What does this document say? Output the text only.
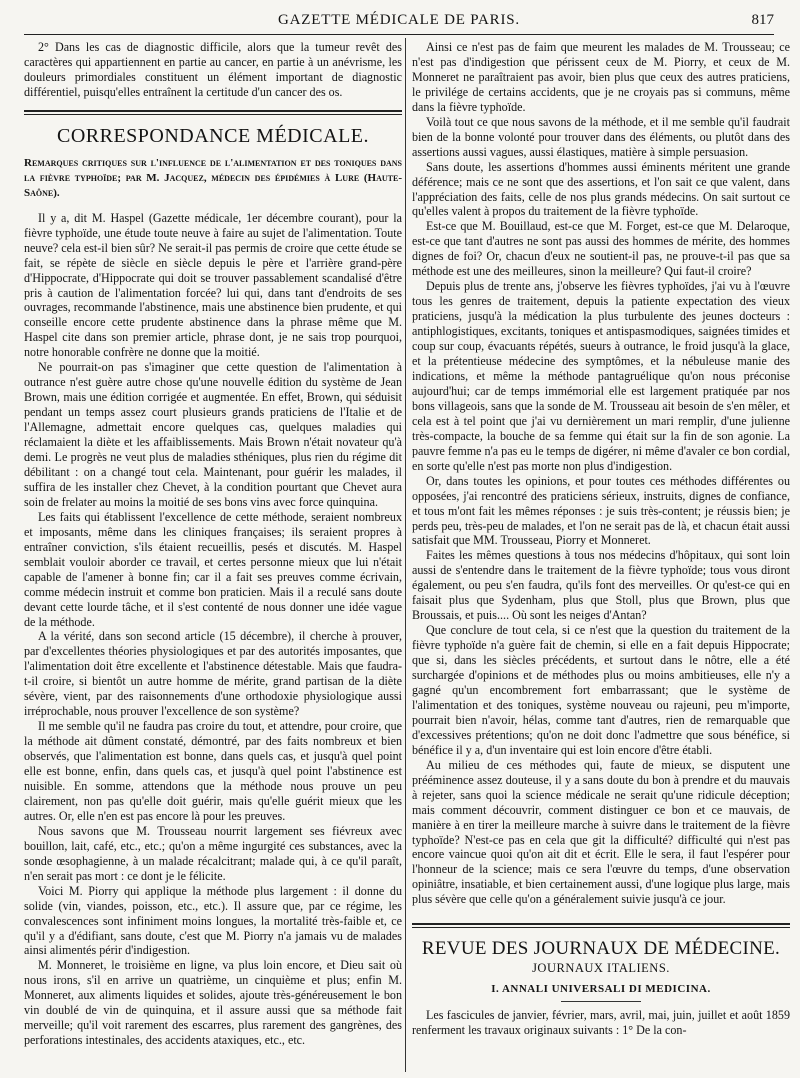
GAZETTE MÉDICALE DE PARIS.	817

2° Dans les cas de diagnostic difficile, alors que la tumeur revêt des caractères qui appartiennent en partie au cancer, en partie à un anévrisme, les douleurs primordiales constituent un élément important de diagnostic différentiel, puisqu'elles entraînent la certitude d'un cancer des os.

CORRESPONDANCE MÉDICALE.
Remarques critiques sur l'influence de l'alimentation et des toniques dans la fièvre typhoïde; par M. Jacquez, médecin des épidémies à Lure (Haute-Saône).

Il y a, dit M. Haspel (Gazette médicale, 1er décembre courant), pour la fièvre typhoïde, une étude toute neuve à faire au sujet de l'alimentation. Toute neuve? cela est-il bien sûr? Ne serait-il pas permis de croire que cette étude se fait, se répète de siècle en siècle depuis le père et l'arrière grand-père d'Hippocrate, d'Hippocrate qui doit se trouver passablement scandalisé d'être pris à caution de l'alimentation forcée? lui qui, dans tant d'endroits de ses ouvrages, recommande l'abstinence, mais une abstinence bien prudente, et qui conseille encore cette prudente abstinence dans la phrase même que M. Haspel cite dans son premier article, phrase dont, je ne sais trop pourquoi, notre honorable confrère ne donne que la moitié.

Ne pourrait-on pas s'imaginer que cette question de l'alimentation à outrance n'est guère autre chose qu'une nouvelle édition du système de Jean Brown, mais une édition corrigée et augmentée. En effet, Brown, qui séduisit pendant un temps assez court plusieurs grands praticiens de l'Italie et de l'Allemagne, admettait encore quelques cas, quelques maladies qui réclamaient la diète et les affaiblissements. Mais Brown n'était novateur qu'à demi. Le progrès ne veut plus de maladies sthéniques, plus rien du régime dit débilitant : on a changé tout cela. Maintenant, pour guérir les malades, il suffira de les installer chez Chevet, à la condition pourtant que Chevet aura soin de frelater au moins la moitié de ses bons vins avec force quinquina.

Les faits qui établissent l'excellence de cette méthode, seraient nombreux et imposants, même dans les cliniques françaises; ils seraient propres à entraîner conviction, s'ils étaient recueillis, pesés et discutés. M. Haspel semblait vouloir aborder ce travail, et certes personne mieux que lui n'était capable de l'amener à bonne fin; car il a fait ses preuves comme écrivain, comme médecin instruit et comme bon praticien. Mais il a reculé sans doute devant cette lourde tâche, et il s'est contenté de nous donner une idée vague de la méthode.

A la vérité, dans son second article (15 décembre), il cherche à prouver, par d'excellentes théories physiologiques et par des autorités imposantes, que l'alimentation doit être excellente et l'abstinence détestable. Mais que faudra-t-il croire, si bientôt un autre homme de mérite, grand partisan de la diète sévère, vient, par des raisonnements d'une orthodoxie physiologique aussi irréprochable, nous prouver l'excellence de son système?

Il me semble qu'il ne faudra pas croire du tout, et attendre, pour croire, que la méthode ait dûment constaté, démontré, par des faits nombreux et bien observés, que l'alimentation est bonne, dans quels cas, et jusqu'à quel point elle est bonne, enfin, dans quels cas, et jusqu'à quel point l'abstinence est nuisible. En somme, attendons que la méthode nous prouve un peu clairement, non pas qu'elle doit guérir, mais qu'elle guérit mieux que les autres. Or, elle n'en est pas encore là pour les preuves.

Nous savons que M. Trousseau nourrit largement ses fiévreux avec bouillon, lait, café, etc., etc.; qu'on a même ingurgité ces substances, avec la sonde œsophagienne, à un malade récalcitrant; malade qui, à ce qu'il paraît, n'en serait pas mort : ce dont je le félicite.

Voici M. Piorry qui applique la méthode plus largement : il donne du solide (vin, viandes, poisson, etc., etc.). Il assure que, par ce régime, les convalescences sont infiniment moins longues, la mortalité très-faible et, ce qu'il y a d'édifiant, sans doute, c'est que M. Piorry n'a jamais vu de malades ainsi alimentés périr d'indigestion.

M. Monneret, le troisième en ligne, va plus loin encore, et Dieu sait où nous irons, s'il en arrive un quatrième, un cinquième et plus; enfin M. Monneret, aux aliments liquides et solides, ajoute très-généreusement le bon vin doublé de vin de quinquina, et il assure aussi que sa méthode fait merveille; qu'il voit rarement des escarres, plus rarement des gangrènes, des perforations intestinales, des accidents ataxiques, etc., etc.

Ainsi ce n'est pas de faim que meurent les malades de M. Trousseau; ce n'est pas d'indigestion que périssent ceux de M. Piorry, et ceux de M. Monneret ne paraîtraient pas avoir, bien plus que ceux des autres praticiens, le privilége de certains accidents, que je ne croyais pas si communs, même dans la fièvre typhoïde.

Voilà tout ce que nous savons de la méthode, et il me semble qu'il faudrait bien de la bonne volonté pour trouver dans des éléments, ou plutôt dans des assertions aussi vagues, aussi élastiques, matière à simple persuasion.

Sans doute, les assertions d'hommes aussi éminents méritent une grande déférence; mais ce ne sont que des assertions, et l'on sait ce que valent, dans l'appréciation des faits, celle de nos plus grands médecins. On sait surtout ce qu'elles valent à propos du traitement de la fièvre typhoïde.

Est-ce que M. Bouillaud, est-ce que M. Forget, est-ce que M. Delaroque, est-ce que tant d'autres ne sont pas aussi des hommes de mérite, des hommes dignes de foi? Or, chacun d'eux ne soutient-il pas, ne prouve-t-il pas que sa méthode est une des meilleures, sinon la meilleure? Qui faut-il croire?

Depuis plus de trente ans, j'observe les fièvres typhoïdes, j'ai vu à l'œuvre tous les genres de traitement, depuis la patiente expectation des vieux praticiens, jusqu'à la médication la plus turbulente des jeunes docteurs : antiphlogistiques, excitants, toniques et antispasmodiques, saignées timides et coup sur coup, évacuants répétés, sueurs à outrance, le froid jusqu'à la glace, et la prétentieuse médecine des symptômes, et la nébuleuse manie des indications, et même la méthode pantagruélique qu'on nous préconise aujourd'hui; car de temps immémorial elle est largement pratiquée par nos bons villageois, sans que la sonde de M. Trousseau ait besoin de s'en mêler, et cela est à tel point que j'ai vu dernièrement un mari remplir, d'une julienne très-compacte, la bouche de sa femme qui était sur la fin de son agonie. La pauvre femme n'a pas eu le temps de digérer, ni même d'avaler ce bon cordial, en sorte qu'elle n'est pas morte non plus d'indigestion.

Or, dans toutes les opinions, et pour toutes ces méthodes différentes ou opposées, j'ai rencontré des praticiens sérieux, instruits, dignes de confiance, et tous m'ont fait les mêmes réponses : je suis très-content; je réussis bien; je perds peu, très-peu de malades, et l'on ne serait pas de là, et chacun était aussi satisfait que MM. Trousseau, Piorry et Monneret.

Faites les mêmes questions à tous nos médecins d'hôpitaux, qui sont loin aussi de s'entendre dans le traitement de la fièvre typhoïde; tous vous diront également, ou peu s'en faudra, qu'ils font des merveilles. Or qu'est-ce qui en faisait plus que Sydenham, plus que Stoll, plus que Brown, plus que Broussais, et puis.... Où sont les neiges d'Antan?

Que conclure de tout cela, si ce n'est que la question du traitement de la fièvre typhoïde n'a guère fait de chemin, si elle en a fait depuis Hippocrate; que si, dans les siècles précédents, et surtout dans le nôtre, elle a été surchargée d'opinions et de méthodes plus ou moins ambitieuses, elle n'y a gagné qu'un encombrement fort embarrassant; que le système de l'alimentation et des toniques, système nouveau ou rajeuni, peu m'importe, pourrait bien n'avoir, hélas, comme tant d'autres, rien de remarquable que d'excessives prétentions; qu'on ne doit donc l'admettre que sous bénéfice, si bénéfice il y a, d'un inventaire qui est loin encore d'être établi.

Au milieu de ces méthodes qui, faute de mieux, se disputent une prééminence assez douteuse, il y a sans doute du bon à prendre et du mauvais à rejeter, sans quoi la science médicale ne serait qu'une ridicule déception; mais comment découvrir, comment distinguer ce bon et ce mauvais, de manière à en tirer la meilleure marche à suivre dans le traitement de la fièvre typhoïde? N'est-ce pas en cela que git la difficulté? difficulté qui n'est pas encore vaincue quoi qu'on ait dit et écrit. Elle le sera, il faut l'espérer pour l'honneur de la science; mais ce sera l'œuvre du temps, d'une observation opiniâtre, insatiable, et bien certainement aussi, d'une logique plus large, mais plus sévère que celle qu'on a généralement suivie jusqu'à ce jour.

REVUE DES JOURNAUX DE MÉDECINE.
JOURNAUX ITALIENS.
I. ANNALI UNIVERSALI DI MEDICINA.

Les fascicules de janvier, février, mars, avril, mai, juin, juillet et août 1859 renferment les travaux originaux suivants : 1° De la con-
